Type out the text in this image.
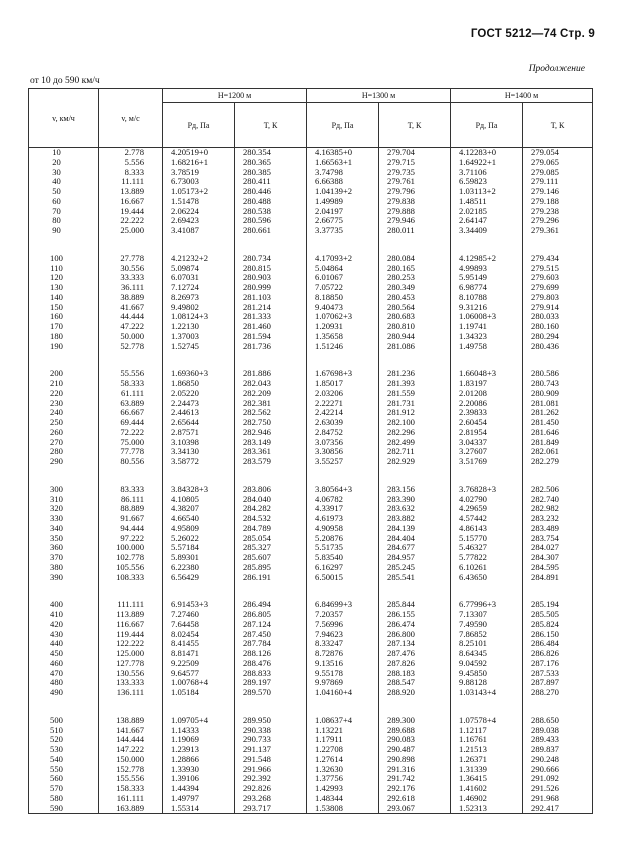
ГОСТ 5212—74 Стр. 9
Продолжение
от 10 до 590 км/ч
v, км/ч	v, м/с	H=1200 м		H=1300 м		H=1400 м	
		Pд, Па	T, К	Pд, Па	T, К	Pд, Па	T, К
10	2.778	4.20519+0	280.354	4.16385+0	279.704	4.12283+0	279.054
20	5.556	1.68216+1	280.365	1.66563+1	279.715	1.64922+1	279.065
30	8.333	3.78519	280.385	3.74798	279.735	3.71106	279.085
40	11.111	6.73003	280.411	6.66388	279.761	6.59823	279.111
50	13.889	1.05173+2	280.446	1.04139+2	279.796	1.03113+2	279.146
60	16.667	1.51478	280.488	1.49989	279.838	1.48511	279.188
70	19.444	2.06224	280.538	2.04197	279.888	2.02185	279.238
80	22.222	2.69423	280.596	2.66775	279.946	2.64147	279.296
90	25.000	3.41087	280.661	3.37735	280.011	3.34409	279.361

100	27.778	4.21232+2	280.734	4.17093+2	280.084	4.12985+2	279.434
110	30.556	5.09874	280.815	5.04864	280.165	4.99893	279.515
120	33.333	6.07031	280.903	6.01067	280.253	5.95149	279.603
130	36.111	7.12724	280.999	7.05722	280.349	6.98774	279.699
140	38.889	8.26973	281.103	8.18850	280.453	8.10788	279.803
150	41.667	9.49802	281.214	9.40473	280.564	9.31216	279.914
160	44.444	1.08124+3	281.333	1.07062+3	280.683	1.06008+3	280.033
170	47.222	1.22130	281.460	1.20931	280.810	1.19741	280.160
180	50.000	1.37003	281.594	1.35658	280.944	1.34323	280.294
190	52.778	1.52745	281.736	1.51246	281.086	1.49758	280.436

200	55.556	1.69360+3	281.886	1.67698+3	281.236	1.66048+3	280.586
210	58.333	1.86850	282.043	1.85017	281.393	1.83197	280.743
220	61.111	2.05220	282.209	2.03206	281.559	2.01208	280.909
230	63.889	2.24473	282.381	2.22271	281.731	2.20086	281.081
240	66.667	2.44613	282.562	2.42214	281.912	2.39833	281.262
250	69.444	2.65644	282.750	2.63039	282.100	2.60454	281.450
260	72.222	2.87571	282.946	2.84752	282.296	2.81954	281.646
270	75.000	3.10398	283.149	3.07356	282.499	3.04337	281.849
280	77.778	3.34130	283.361	3.30856	282.711	3.27607	282.061
290	80.556	3.58772	283.579	3.55257	282.929	3.51769	282.279

300	83.333	3.84328+3	283.806	3.80564+3	283.156	3.76828+3	282.506
310	86.111	4.10805	284.040	4.06782	283.390	4.02790	282.740
320	88.889	4.38207	284.282	4.33917	283.632	4.29659	282.982
330	91.667	4.66540	284.532	4.61973	283.882	4.57442	283.232
340	94.444	4.95809	284.789	4.90958	284.139	4.86143	283.489
350	97.222	5.26022	285.054	5.20876	284.404	5.15770	283.754
360	100.000	5.57184	285.327	5.51735	284.677	5.46327	284.027
370	102.778	5.89301	285.607	5.83540	284.957	5.77822	284.307
380	105.556	6.22380	285.895	6.16297	285.245	6.10261	284.595
390	108.333	6.56429	286.191	6.50015	285.541	6.43650	284.891

400	111.111	6.91453+3	286.494	6.84699+3	285.844	6.77996+3	285.194
410	113.889	7.27460	286.805	7.20357	286.155	7.13307	285.505
420	116.667	7.64458	287.124	7.56996	286.474	7.49590	285.824
430	119.444	8.02454	287.450	7.94623	286.800	7.86852	286.150
440	122.222	8.41455	287.784	8.33247	287.134	8.25101	286.484
450	125.000	8.81471	288.126	8.72876	287.476	8.64345	286.826
460	127.778	9.22509	288.476	9.13516	287.826	9.04592	287.176
470	130.556	9.64577	288.833	9.55178	288.183	9.45850	287.533
480	133.333	1.00768+4	289.197	9.97869	288.547	9.88128	287.897
490	136.111	1.05184	289.570	1.04160+4	288.920	1.03143+4	288.270

500	138.889	1.09705+4	289.950	1.08637+4	289.300	1.07578+4	288.650
510	141.667	1.14333	290.338	1.13221	289.688	1.12117	289.038
520	144.444	1.19069	290.733	1.17911	290.083	1.16761	289.433
530	147.222	1.23913	291.137	1.22708	290.487	1.21513	289.837
540	150.000	1.28866	291.548	1.27614	290.898	1.26371	290.248
550	152.778	1.33930	291.966	1.32630	291.316	1.31339	290.666
560	155.556	1.39106	292.392	1.37756	291.742	1.36415	291.092
570	158.333	1.44394	292.826	1.42993	292.176	1.41602	291.526
580	161.111	1.49797	293.268	1.48344	292.618	1.46902	291.968
590	163.889	1.55314	293.717	1.53808	293.067	1.52313	292.417
